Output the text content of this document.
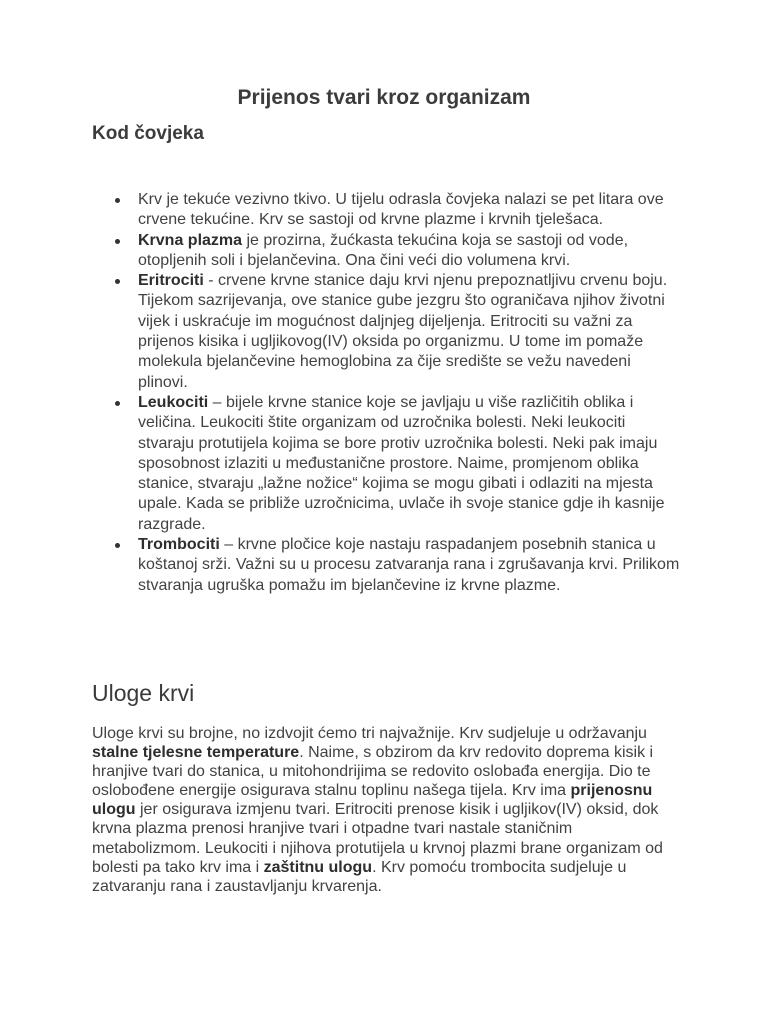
Prijenos tvari kroz organizam
Kod čovjeka
Krv je tekuće vezivno tkivo. U tijelu odrasla čovjeka nalazi se pet litara ove crvene tekućine. Krv se sastoji od krvne plazme i krvnih tjelešaca.
Krvna plazma je prozirna, žućkasta tekućina koja se sastoji od vode, otopljenih soli i bjelančevina. Ona čini veći dio volumena krvi.
Eritrociti - crvene krvne stanice daju krvi njenu prepoznatljivu crvenu boju. Tijekom sazrijevanja, ove stanice gube jezgru što ograničava njihov životni vijek i uskraćuje im mogućnost daljnjeg dijeljenja. Eritrociti su važni za prijenos kisika i ugljikovog(IV) oksida po organizmu. U tome im pomaže molekula bjelančevine hemoglobina za čije središte se vežu navedeni plinovi.
Leukociti – bijele krvne stanice koje se javljaju u više različitih oblika i veličina. Leukociti štite organizam od uzročnika bolesti. Neki leukociti stvaraju protutijela kojima se bore protiv uzročnika bolesti. Neki pak imaju sposobnost izlaziti u međustanične prostore. Naime, promjenom oblika stanice, stvaraju „lažne nožice“ kojima se mogu gibati i odlaziti na mjesta upale. Kada se približe uzročnicima, uvlače ih svoje stanice gdje ih kasnije razgrade.
Trombociti – krvne pločice koje nastaju raspadanjem posebnih stanica u koštanoj srži. Važni su u procesu zatvaranja rana i zgrušavanja krvi. Prilikom stvaranja ugruška pomažu im bjelančevine iz krvne plazme.
Uloge krvi

Uloge krvi su brojne, no izdvojit ćemo tri najvažnije. Krv sudjeluje u održavanju stalne tjelesne temperature. Naime, s obzirom da krv redovito doprema kisik i hranjive tvari do stanica, u mitohondrijima se redovito oslobađa energija. Dio te oslobođene energije osigurava stalnu toplinu našega tijela. Krv ima prijenosnu ulogu jer osigurava izmjenu tvari. Eritrociti prenose kisik i ugljikov(IV) oksid, dok krvna plazma prenosi hranjive tvari i otpadne tvari nastale staničnim metabolizmom. Leukociti i njihova protutijela u krvnoj plazmi brane organizam od bolesti pa tako krv ima i zaštitnu ulogu. Krv pomoću trombocita sudjeluje u zatvaranju rana i zaustavljanju krvarenja.
